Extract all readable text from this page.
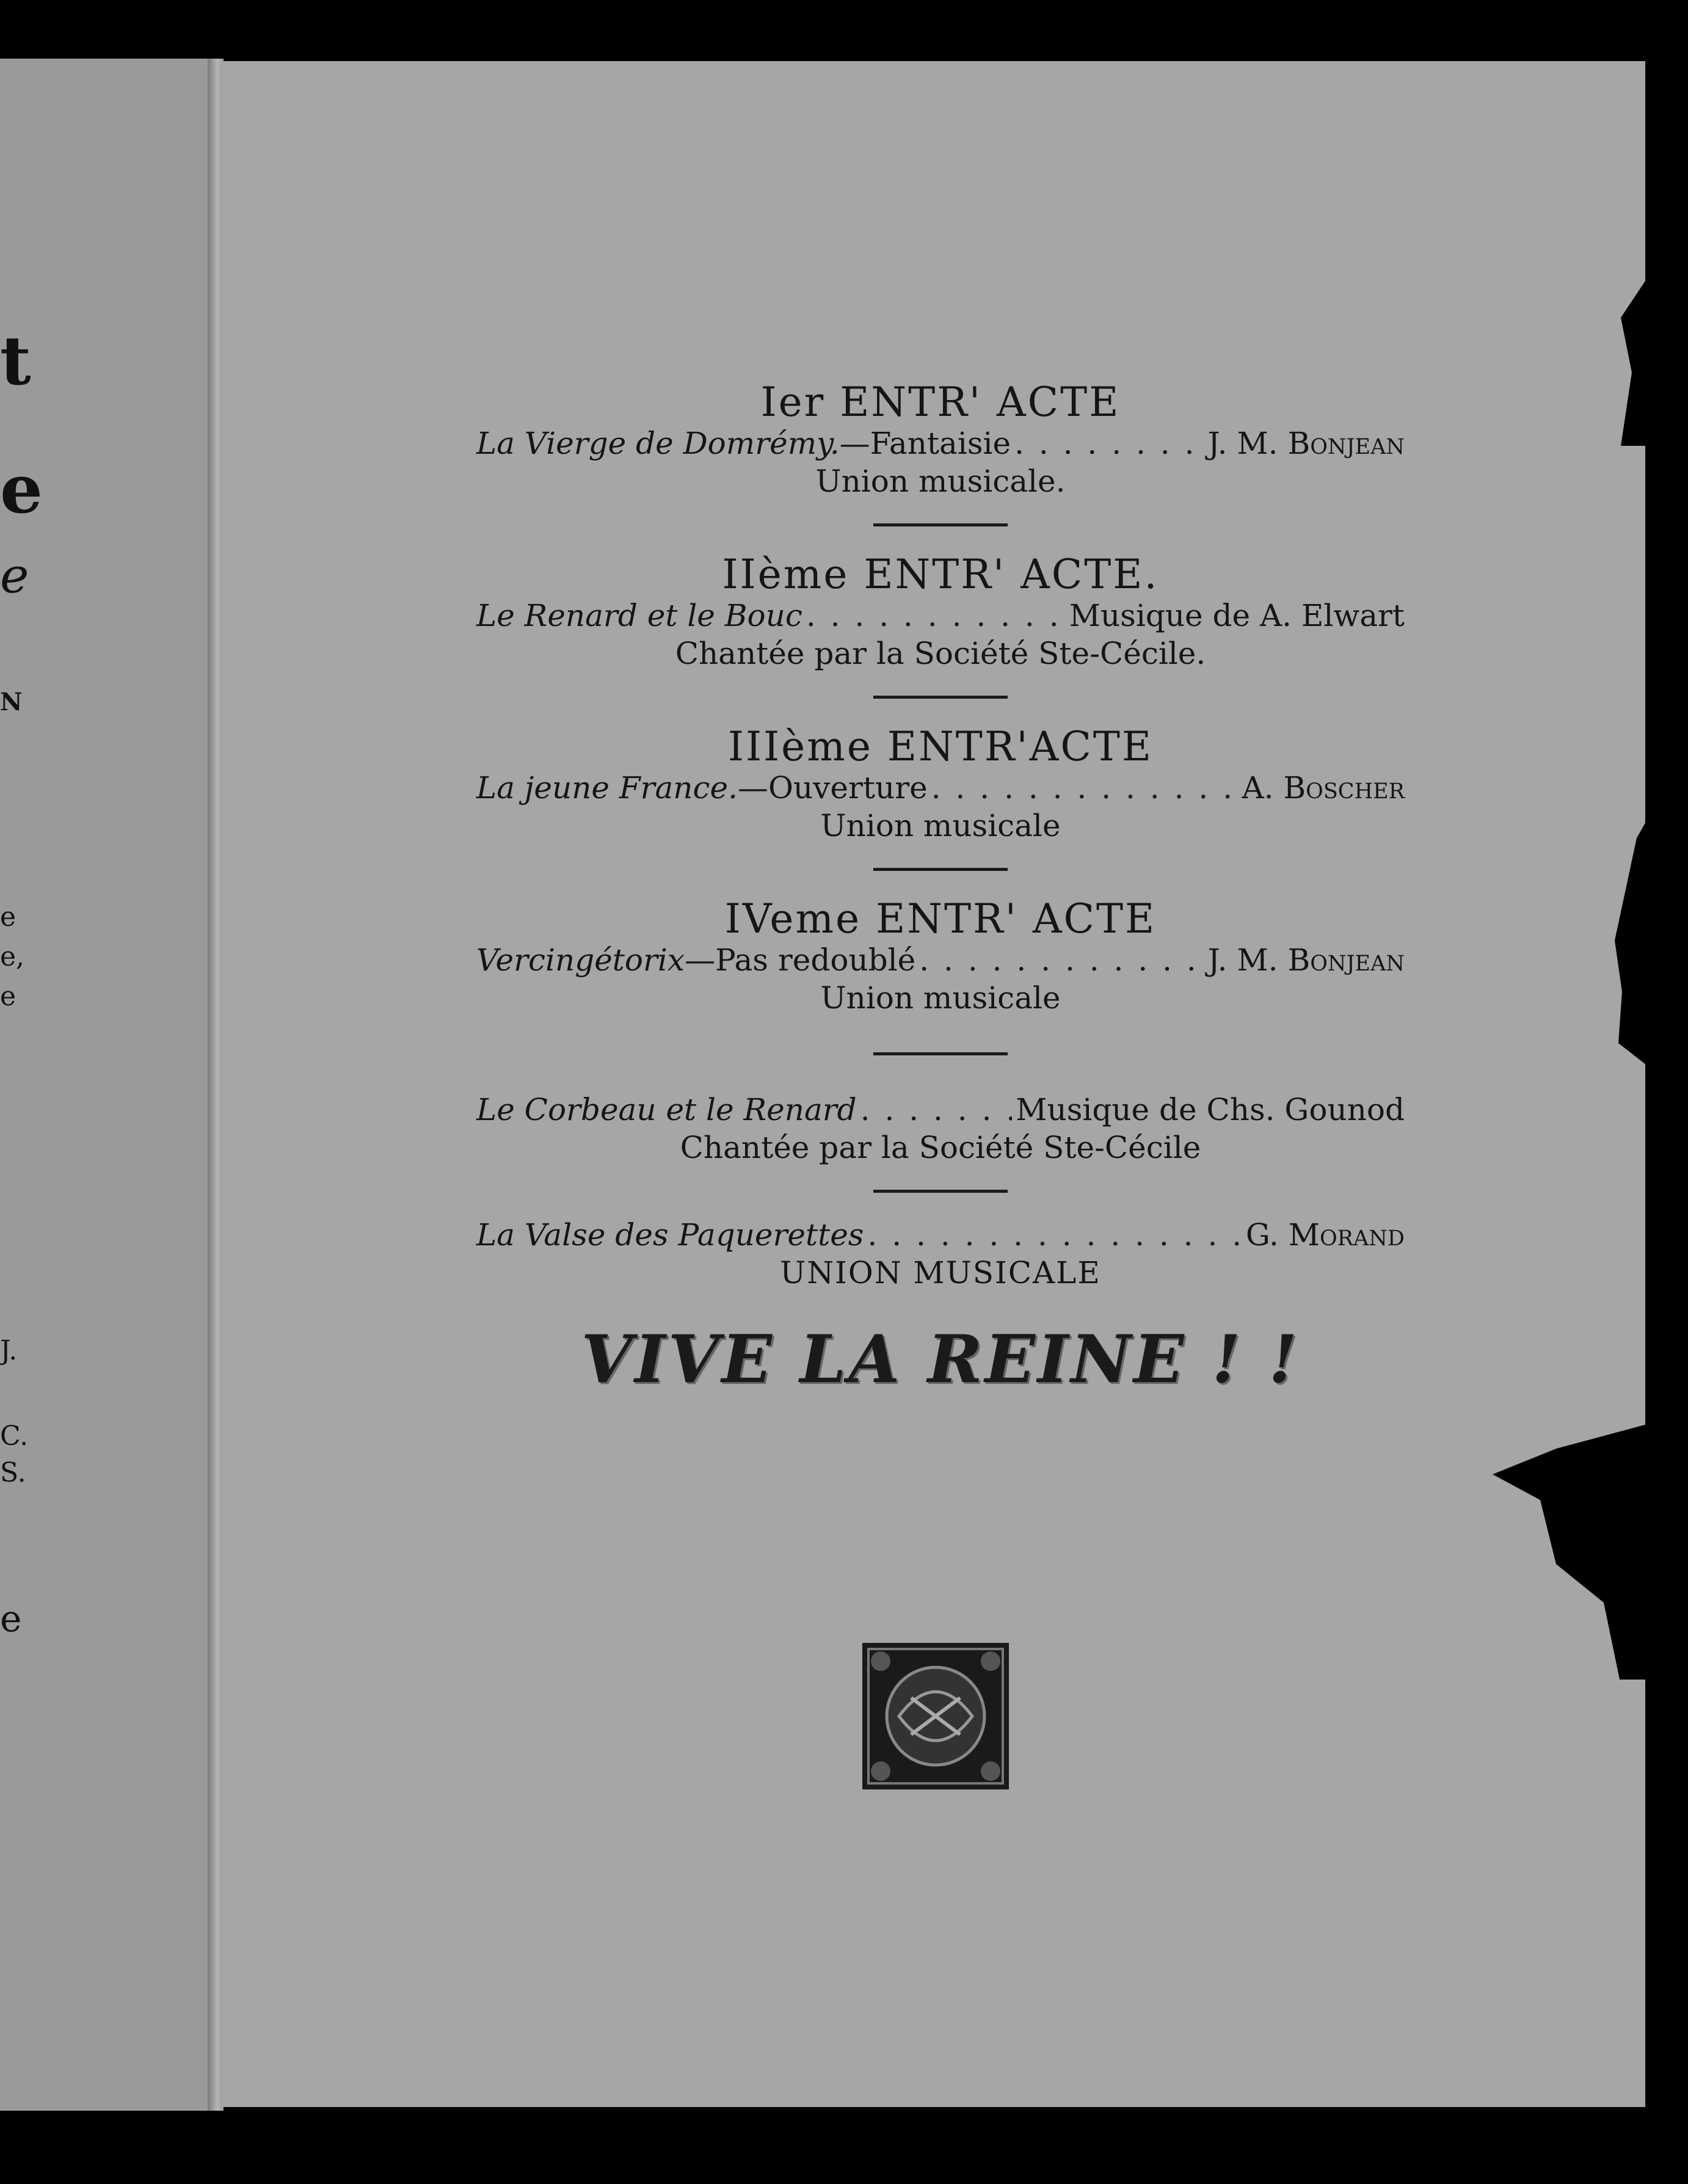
t
e
e
N
e
e,
e
J.
C.
S.
e
Ier ENTR' ACTE
La Vierge de Domrémy. —Fantaisie . . .	J. M. Bonjean
Union musicale.
IIème ENTR' ACTE.
Le Renard et le Bouc . . .	Musique de A. Elwart
Chantée par la Société Ste-Cécile.
IIIème ENTR'ACTE
La jeune France. —Ouverture . . .	A. Boscher
Union musicale
IVeme ENTR' ACTE
Vercingétorix —Pas redoublé . . .	J. M. Bonjean
Union musicale
Le Corbeau et le Renard . . .	Musique de Chs. Gounod
Chantée par la Société Ste-Cécile
La Valse des Paquerettes . . .	G. Morand
UNION MUSICALE
VIVE LA REINE ! !
